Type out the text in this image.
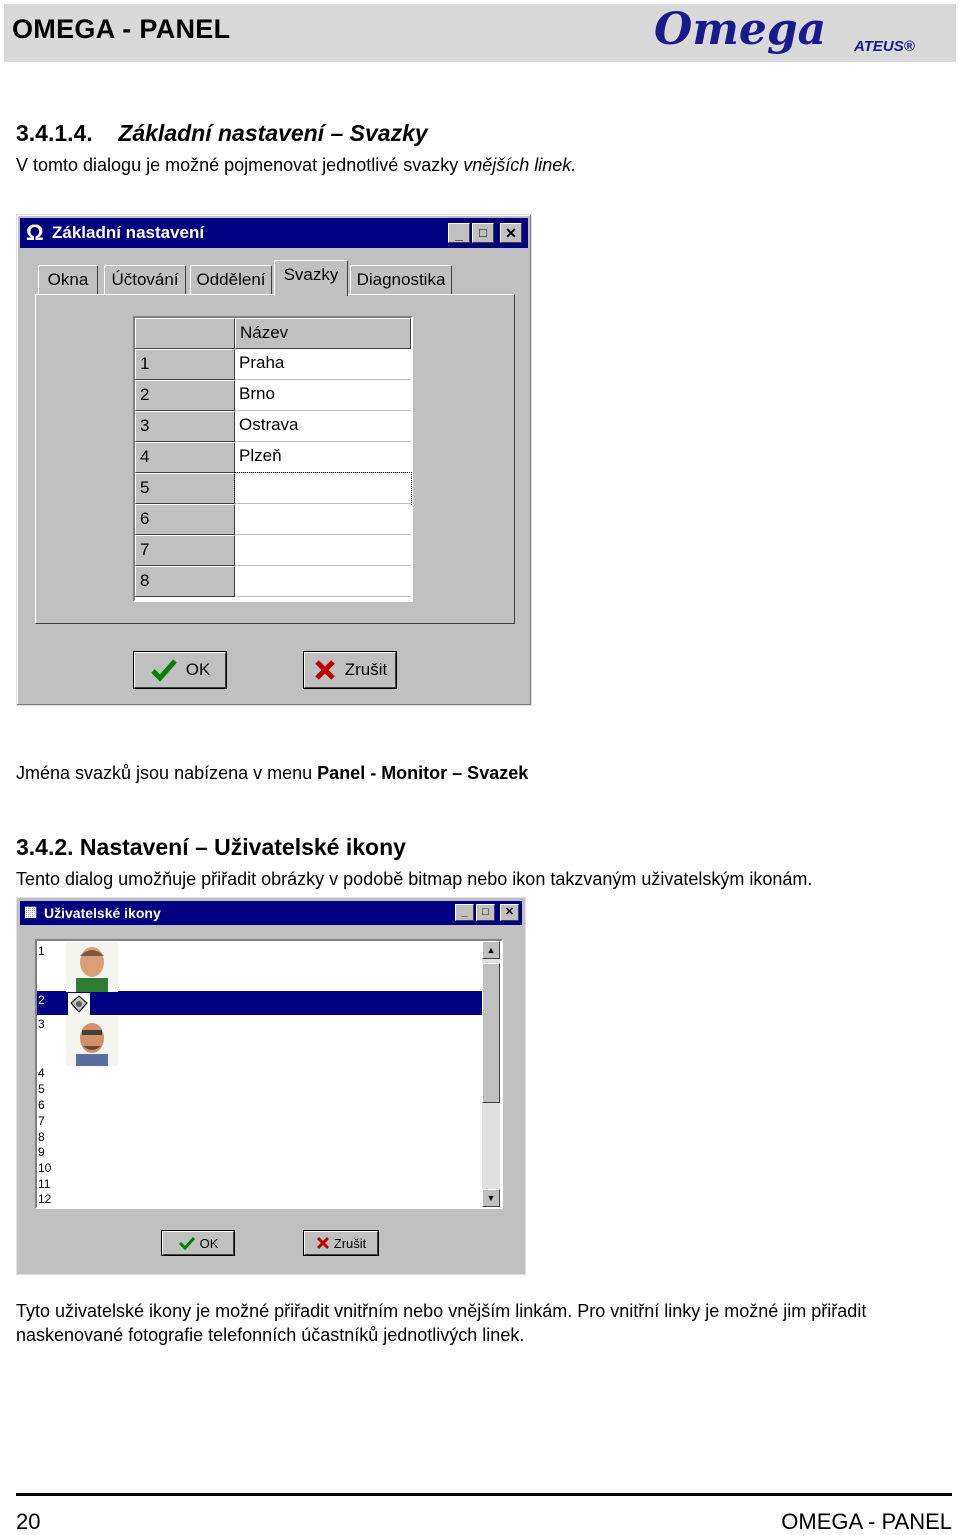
OMEGA - PANEL	Omega ATEUS®
3.4.1.4. Základní nastavení – Svazky
V tomto dialogu je možné pojmenovat jednotlivé svazky vnějších linek.
Ω Základní nastavení	_	□	✕
Okna	Účtování	Oddělení	Svazky	Diagnostika
Název
1	Praha
2	Brno
3	Ostrava
4	Plzeň
5
6
7
8
OK	Zrušit
Jména svazků jsou nabízena v menu Panel - Monitor – Svazek
3.4.2. Nastavení – Uživatelské ikony
Tento dialog umožňuje přiřadit obrázky v podobě bitmap nebo ikon takzvaným uživatelským ikonám.
▦ Uživatelské ikony	_	□	✕
1
2
3
4
5
6
7
8
9
10
11
12
▲
▼
OK	Zrušit
Tyto uživatelské ikony je možné přiřadit vnitřním nebo vnějším linkám. Pro vnitřní linky je možné jim přiřadit naskenované fotografie telefonních účastníků jednotlivých linek.
20	OMEGA - PANEL
